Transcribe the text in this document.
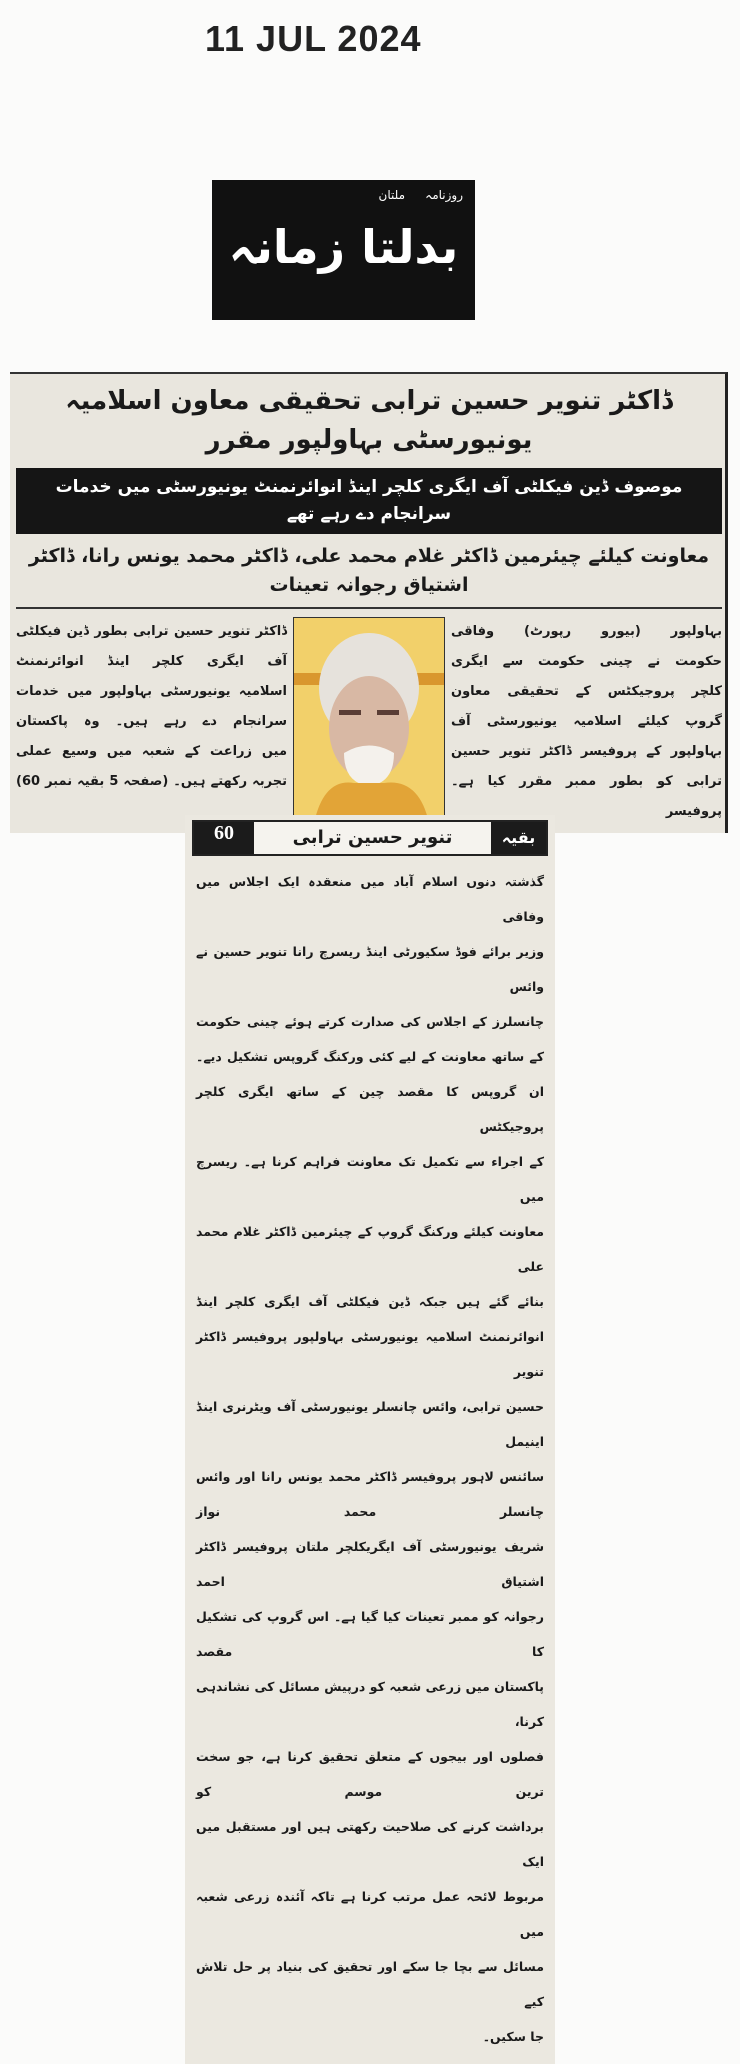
11 JUL 2024
روزنامہ
ملتان
بدلتا زمانہ
ڈاکٹر تنویر حسین ترابی تحقیقی معاون اسلامیہ یونیورسٹی بہاولپور مقرر
موصوف ڈین فیکلٹی آف ایگری کلچر اینڈ انوائرنمنٹ یونیورسٹی میں خدمات سرانجام دے رہے تھے
معاونت کیلئے چیئرمین ڈاکٹر غلام محمد علی، ڈاکٹر محمد یونس رانا، ڈاکٹر اشتیاق رجوانہ تعینات
بہاولپور (بیورو رپورٹ) وفاقی
حکومت نے چینی حکومت سے ایگری
کلچر پروجیکٹس کے تحقیقی معاون
گروپ کیلئے اسلامیہ یونیورسٹی آف
بہاولپور کے پروفیسر ڈاکٹر تنویر حسین
ترابی کو بطور ممبر مقرر کیا ہے۔ پروفیسر
ڈاکٹر تنویر حسین ترابی بطور ڈین فیکلٹی
آف ایگری کلچر اینڈ انوائرنمنٹ
اسلامیہ یونیورسٹی بہاولپور میں خدمات
سرانجام دے رہے ہیں۔ وہ پاکستان
میں زراعت کے شعبہ میں وسیع عملی
تجربہ رکھتے ہیں۔ (صفحہ 5 بقیہ نمبر 60)
بقیہ
تنویر حسین ترابی
60
گذشتہ دنوں اسلام آباد میں منعقدہ ایک اجلاس میں وفاقی
وزیر برائے فوڈ سکیورٹی اینڈ ریسرچ رانا تنویر حسین نے وائس
چانسلرز کے اجلاس کی صدارت کرتے ہوئے چینی حکومت
کے ساتھ معاونت کے لیے کئی ورکنگ گروپس تشکیل دیے۔
ان گروپس کا مقصد چین کے ساتھ ایگری کلچر پروجیکٹس
کے اجراء سے تکمیل تک معاونت فراہم کرنا ہے۔ ریسرچ میں
معاونت کیلئے ورکنگ گروپ کے چیئرمین ڈاکٹر غلام محمد علی
بنائے گئے ہیں جبکہ ڈین فیکلٹی آف ایگری کلچر اینڈ
انوائرنمنٹ اسلامیہ یونیورسٹی بہاولپور پروفیسر ڈاکٹر تنویر
حسین ترابی، وائس چانسلر یونیورسٹی آف ویٹرنری اینڈ اینیمل
سائنس لاہور پروفیسر ڈاکٹر محمد یونس رانا اور وائس چانسلر محمد نواز
شریف یونیورسٹی آف ایگریکلچر ملتان پروفیسر ڈاکٹر اشتیاق احمد
رجوانہ کو ممبر تعینات کیا گیا ہے۔ اس گروپ کی تشکیل کا مقصد
پاکستان میں زرعی شعبہ کو درپیش مسائل کی نشاندہی کرنا،
فصلوں اور بیجوں کے متعلق تحقیق کرنا ہے، جو سخت ترین موسم کو
برداشت کرنے کی صلاحیت رکھتی ہیں اور مستقبل میں ایک
مربوط لائحہ عمل مرتب کرنا ہے تاکہ آئندہ زرعی شعبہ میں
مسائل سے بچا جا سکے اور تحقیق کی بنیاد پر حل تلاش کیے
جا سکیں۔
